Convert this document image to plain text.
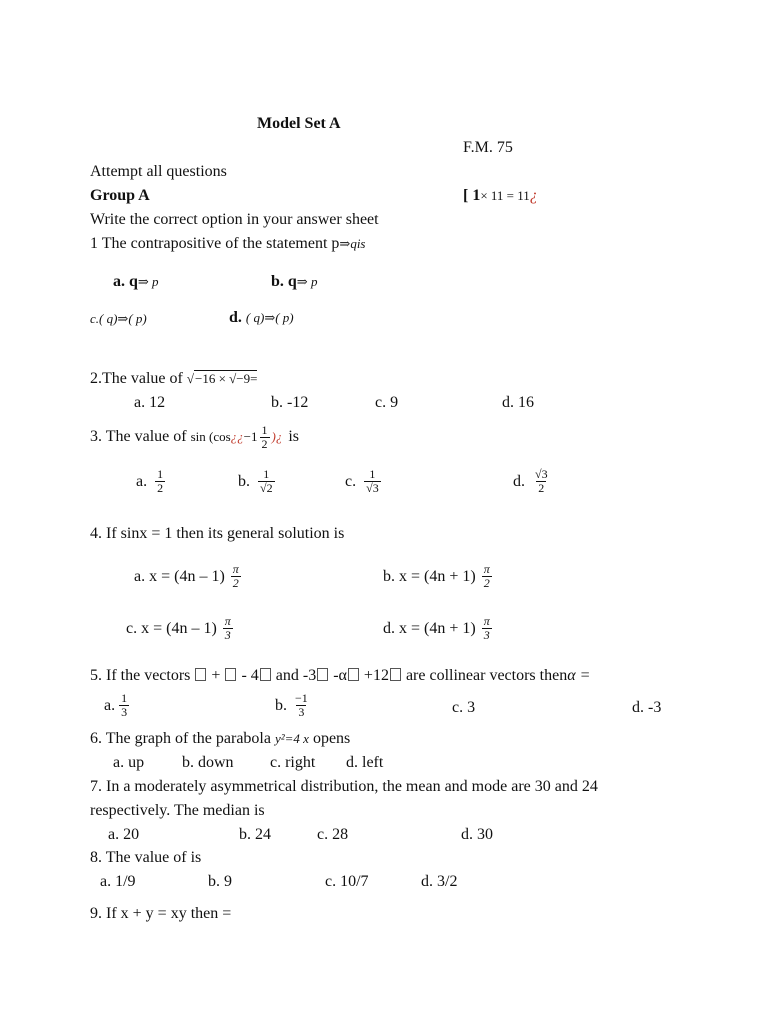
Model Set A
F.M. 75
Attempt all questions
Group A	[ 1× 11 = 11¿
Write the correct option in your answer sheet
1 The contrapositive of the statement p⇒qis
a. q⇒ p	b. q⇒ p
c.( q)⇒( p)	d. ( q)⇒( p)
2.The value of √−16 × √−9=
a. 12	b. -12	c. 9	d. 16
3. The value of sin (cos ¿¿ $-1 \frac{1}{2}$ )¿ is
a. $\frac{1}{2}$	b. $\frac{1}{√2}$	c. $\frac{1}{√3}$	d. $\frac{√3}{2}$
4. If sinx = 1 then its general solution is
a. $x = (4n - 1) \frac{\pi}{2}$	b. $x = (4n + 1) \frac{\pi}{2}$
c. $x = (4n - 1) \frac{\pi}{3}$	d. $x = (4n + 1) \frac{\pi}{3}$
5. If the vectors + - 4 and -3 -α +12 are collinear vectors thenα =
a. $\frac{1}{3}$	b. $\frac{-1}{3}$	c. 3	d. -3
6. The graph of the parabola y²=4 x opens
a. up b. down c. right d. left
7. In a moderately asymmetrical distribution, the mean and mode are 30 and 24
respectively. The median is
a. 20	b. 24	c. 28	d. 30
8. The value of is
a. 1/9	b. 9	c. 10/7	d. 3/2
9. If x + y = xy then =
